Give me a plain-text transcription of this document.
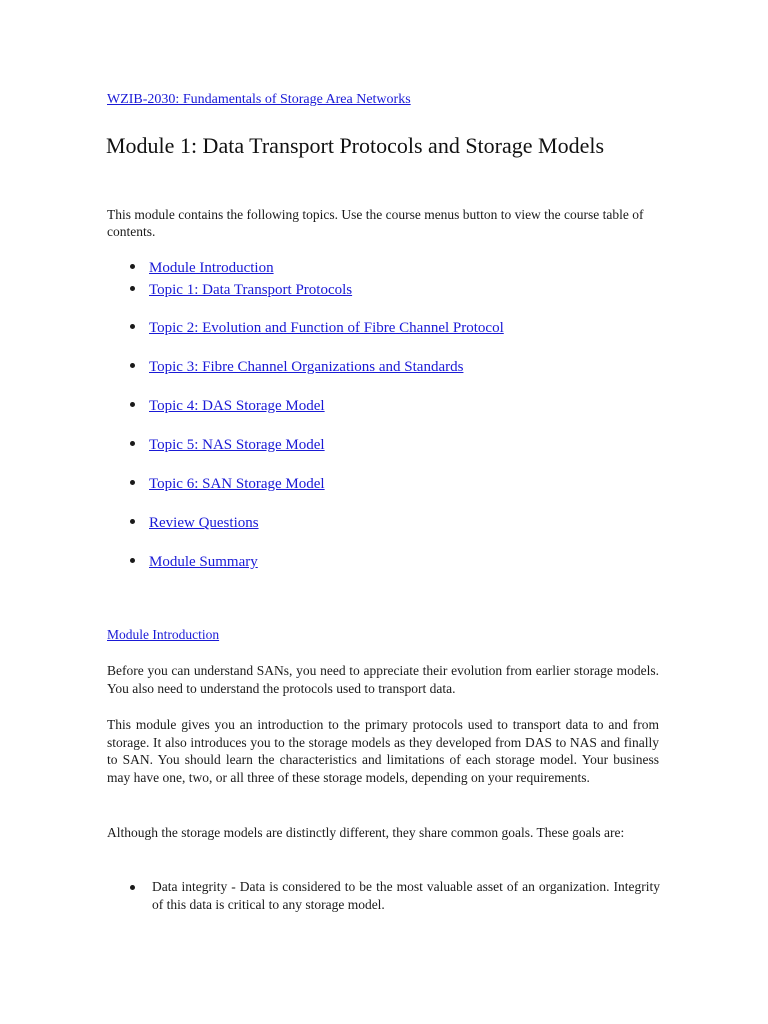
WZIB-2030: Fundamentals of Storage Area Networks
Module 1: Data Transport Protocols and Storage Models

This module contains the following topics. Use the course menus button to view the course table of contents.

Module Introduction
Topic 1: Data Transport Protocols
Topic 2: Evolution and Function of Fibre Channel Protocol
Topic 3: Fibre Channel Organizations and Standards
Topic 4: DAS Storage Model
Topic 5: NAS Storage Model
Topic 6: SAN Storage Model
Review Questions
Module Summary
Module Introduction

Before you can understand SANs, you need to appreciate their evolution from earlier storage models. You also need to understand the protocols used to transport data.

This module gives you an introduction to the primary protocols used to transport data to and from storage. It also introduces you to the storage models as they developed from DAS to NAS and finally to SAN. You should learn the characteristics and limitations of each storage model. Your business may have one, two, or all three of these storage models, depending on your requirements.

Although the storage models are distinctly different, they share common goals. These goals are:

Data integrity - Data is considered to be the most valuable asset of an organization. Integrity of this data is critical to any storage model.
